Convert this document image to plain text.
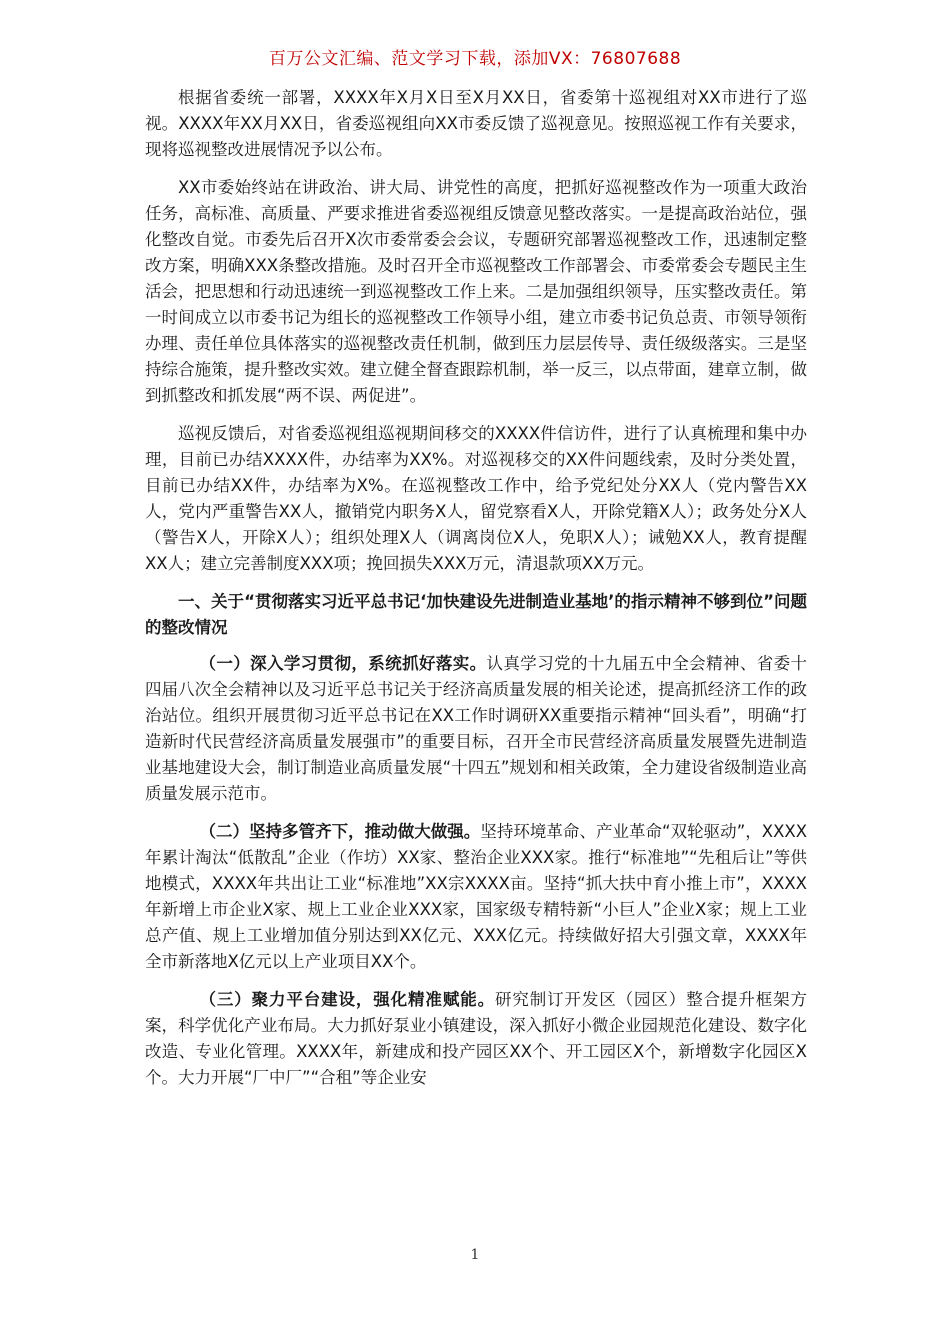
百万公文汇编、范文学习下载，添加VX：76807688

根据省委统一部署，XXXX年X月X日至X月XX日，省委第十巡视组对XX市进行了巡视。XXXX年XX月XX日，省委巡视组向XX市委反馈了巡视意见。按照巡视工作有关要求，现将巡视整改进展情况予以公布。

XX市委始终站在讲政治、讲大局、讲党性的高度，把抓好巡视整改作为一项重大政治任务，高标准、高质量、严要求推进省委巡视组反馈意见整改落实。一是提高政治站位，强化整改自觉。市委先后召开X次市委常委会会议，专题研究部署巡视整改工作，迅速制定整改方案，明确XXX条整改措施。及时召开全市巡视整改工作部署会、市委常委会专题民主生活会，把思想和行动迅速统一到巡视整改工作上来。二是加强组织领导，压实整改责任。第一时间成立以市委书记为组长的巡视整改工作领导小组，建立市委书记负总责、市领导领衔办理、责任单位具体落实的巡视整改责任机制，做到压力层层传导、责任级级落实。三是坚持综合施策，提升整改实效。建立健全督查跟踪机制，举一反三，以点带面，建章立制，做到抓整改和抓发展“两不误、两促进”。

巡视反馈后，对省委巡视组巡视期间移交的XXXX件信访件，进行了认真梳理和集中办理，目前已办结XXXX件，办结率为XX%。对巡视移交的XX件问题线索，及时分类处置，目前已办结XX件，办结率为X%。在巡视整改工作中，给予党纪处分XX人（党内警告XX人，党内严重警告XX人，撤销党内职务X人，留党察看X人，开除党籍X人）；政务处分X人（警告X人，开除X人）；组织处理X人（调离岗位X人，免职X人）；诫勉XX人，教育提醒XX人；建立完善制度XXX项；挽回损失XXX万元，清退款项XX万元。

一、关于“贯彻落实习近平总书记‘加快建设先进制造业基地’的指示精神不够到位”问题的整改情况

（一）深入学习贯彻，系统抓好落实。认真学习党的十九届五中全会精神、省委十四届八次全会精神以及习近平总书记关于经济高质量发展的相关论述，提高抓经济工作的政治站位。组织开展贯彻习近平总书记在XX工作时调研XX重要指示精神“回头看”，明确“打造新时代民营经济高质量发展强市”的重要目标，召开全市民营经济高质量发展暨先进制造业基地建设大会，制订制造业高质量发展“十四五”规划和相关政策，全力建设省级制造业高质量发展示范市。

（二）坚持多管齐下，推动做大做强。坚持环境革命、产业革命“双轮驱动”，XXXX年累计淘汰“低散乱”企业（作坊）XX家、整治企业XXX家。推行“标准地”“先租后让”等供地模式，XXXX年共出让工业“标准地”XX宗XXXX亩。坚持“抓大扶中育小推上市”，XXXX年新增上市企业X家、规上工业企业XXX家，国家级专精特新“小巨人”企业X家；规上工业总产值、规上工业增加值分别达到XX亿元、XXX亿元。持续做好招大引强文章，XXXX年全市新落地X亿元以上产业项目XX个。

（三）聚力平台建设，强化精准赋能。研究制订开发区（园区）整合提升框架方案，科学优化产业布局。大力抓好泵业小镇建设，深入抓好小微企业园规范化建设、数字化改造、专业化管理。XXXX年，新建成和投产园区XX个、开工园区X个，新增数字化园区X个。大力开展“厂中厂”“合租”等企业安

1
